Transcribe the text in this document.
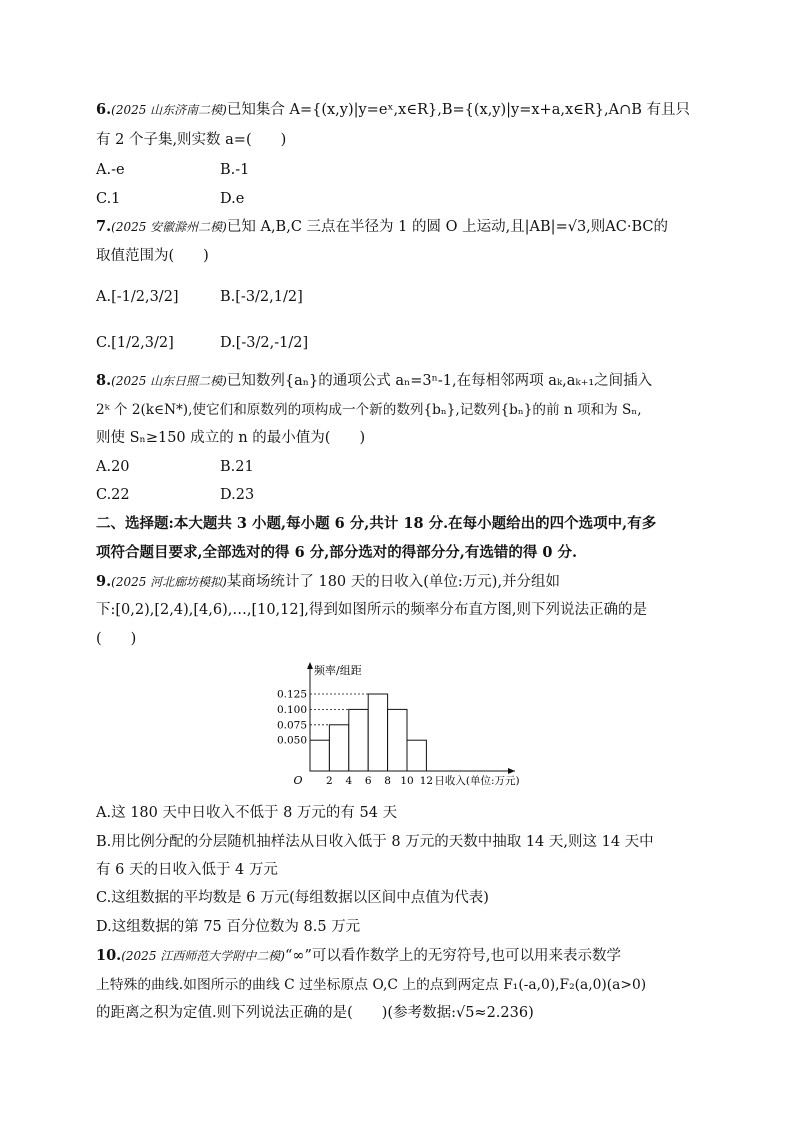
6.(2025 山东济南二模)已知集合 A={(x,y)|y=eˣ,x∈R},B={(x,y)|y=x+a,x∈R},A∩B 有且只
有 2 个子集,则实数 a=(　　)
A.-e	B.-1
C.1	D.e
7.(2025 安徽滁州二模)已知 A,B,C 三点在半径为 1 的圆 O 上运动,且|AB|=√3,则AC·BC的
取值范围为(　　)
A.[-1/2,3/2]	B.[-3/2,1/2]
C.[1/2,3/2]	D.[-3/2,-1/2]
8.(2025 山东日照二模)已知数列{aₙ}的通项公式 aₙ=3ⁿ-1,在每相邻两项 aₖ,aₖ₊₁之间插入
2ᵏ 个 2(k∈N*),使它们和原数列的项构成一个新的数列{bₙ},记数列{bₙ}的前 n 项和为 Sₙ,
则使 Sₙ≥150 成立的 n 的最小值为(　　)
A.20	B.21
C.22	D.23
二、选择题:本大题共 3 小题,每小题 6 分,共计 18 分.在每小题给出的四个选项中,有多
项符合题目要求,全部选对的得 6 分,部分选对的得部分分,有选错的得 0 分.
9.(2025 河北廊坊模拟)某商场统计了 180 天的日收入(单位:万元),并分组如
下:[0,2),[2,4),[4,6),…,[10,12],得到如图所示的频率分布直方图,则下列说法正确的是
(　　)
0.050
0.075
0.100
0.125
2 4 6 8 10 12
O
频率/组距
日收入(单位:万元)
A.这 180 天中日收入不低于 8 万元的有 54 天
B.用比例分配的分层随机抽样法从日收入低于 8 万元的天数中抽取 14 天,则这 14 天中
有 6 天的日收入低于 4 万元
C.这组数据的平均数是 6 万元(每组数据以区间中点值为代表)
D.这组数据的第 75 百分位数为 8.5 万元
10.(2025 江西师范大学附中二模)“∞”可以看作数学上的无穷符号,也可以用来表示数学
上特殊的曲线.如图所示的曲线 C 过坐标原点 O,C 上的点到两定点 F₁(-a,0),F₂(a,0)(a>0)
的距离之积为定值.则下列说法正确的是(　　)(参考数据:√5≈2.236)
